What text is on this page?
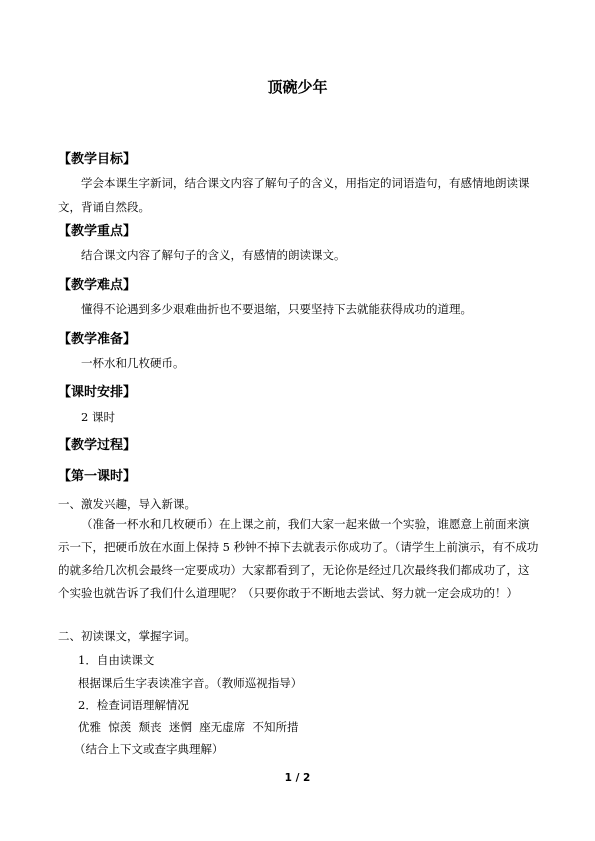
顶碗少年
【教学目标】

学会本课生字新词，结合课文内容了解句子的含义，用指定的词语造句，有感情地朗读课文，背诵自然段。

【教学重点】

结合课文内容了解句子的含义，有感情的朗读课文。

【教学难点】

懂得不论遇到多少艰难曲折也不要退缩，只要坚持下去就能获得成功的道理。

【教学准备】

一杯水和几枚硬币。

【课时安排】

2 课时

【教学过程】
【第一课时】

一、激发兴趣，导入新课。

（准备一杯水和几枚硬币）在上课之前，我们大家一起来做一个实验，谁愿意上前面来演示一下，把硬币放在水面上保持 5 秒钟不掉下去就表示你成功了。（请学生上前演示，有不成功的就多给几次机会最终一定要成功）大家都看到了，无论你是经过几次最终我们都成功了，这个实验也就告诉了我们什么道理呢？（只要你敢于不断地去尝试、努力就一定会成功的！）

二、初读课文，掌握字词。

1．自由读课文

根据课后生字表读准字音。（教师巡视指导）

2．检查词语理解情况

优雅  惊羡  颓丧  迷惘  座无虚席  不知所措

（结合上下文或查字典理解）

1 / 2
